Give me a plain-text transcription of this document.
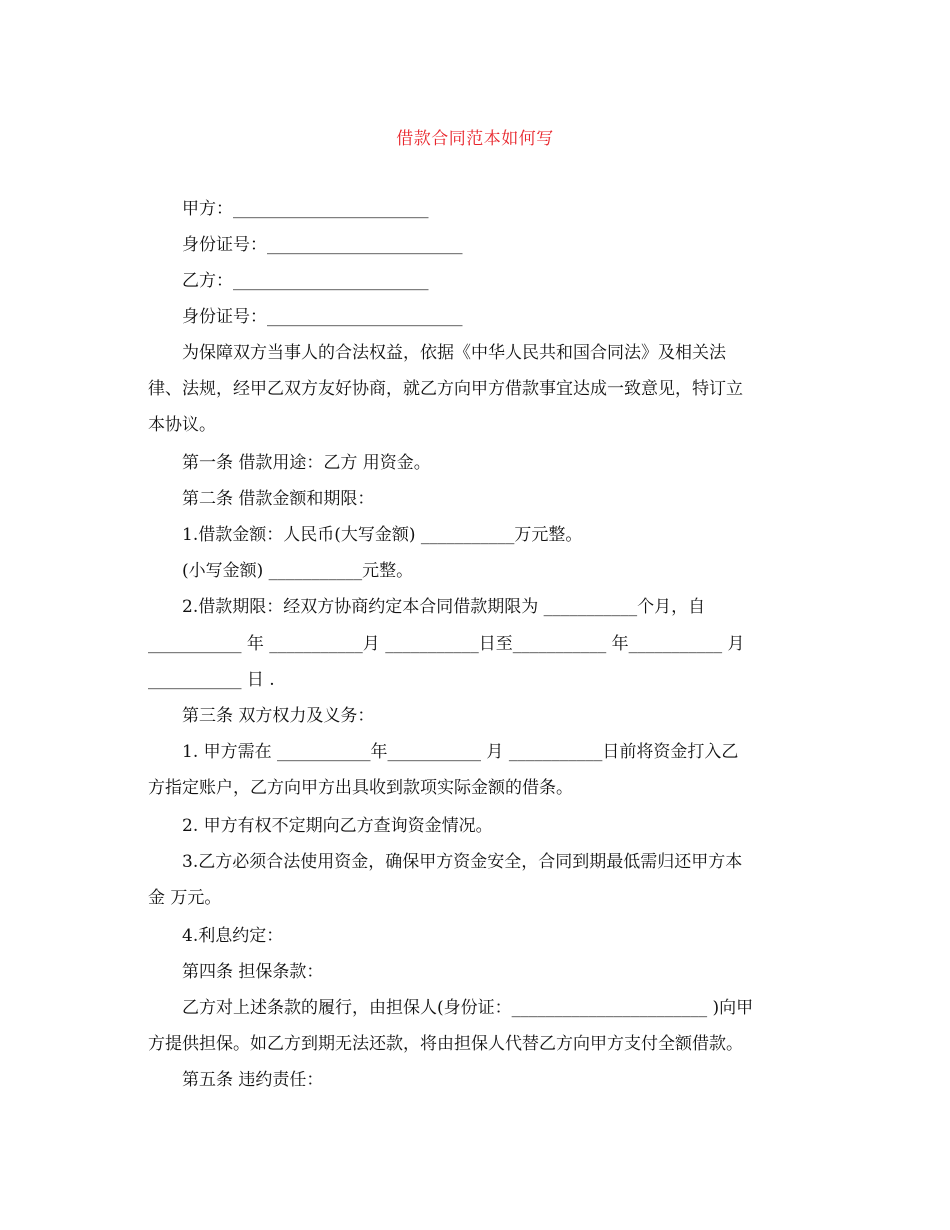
借款合同范本如何写
甲方：_______________________
身份证号：_______________________
乙方：_______________________
身份证号：_______________________
为保障双方当事人的合法权益，依据《中华人民共和国合同法》及相关法
律、法规，经甲乙双方友好协商，就乙方向甲方借款事宜达成一致意见，特订立
本协议。
第一条 借款用途：乙方 用资金。
第二条 借款金额和期限：
1.借款金额：人民币(大写金额) ___________万元整。
(小写金额) ___________元整。
2.借款期限：经双方协商约定本合同借款期限为 ___________个月，自
___________ 年 ___________月 ___________日至___________ 年___________ 月
___________ 日 .
第三条 双方权力及义务：
1. 甲方需在 ___________年___________ 月 ___________日前将资金打入乙
方指定账户，乙方向甲方出具收到款项实际金额的借条。
2. 甲方有权不定期向乙方查询资金情况。
3.乙方必须合法使用资金，确保甲方资金安全，合同到期最低需归还甲方本
金 万元。
4.利息约定：
第四条 担保条款：
乙方对上述条款的履行，由担保人(身份证：_______________________ )向甲
方提供担保。如乙方到期无法还款，将由担保人代替乙方向甲方支付全额借款。
第五条 违约责任：
